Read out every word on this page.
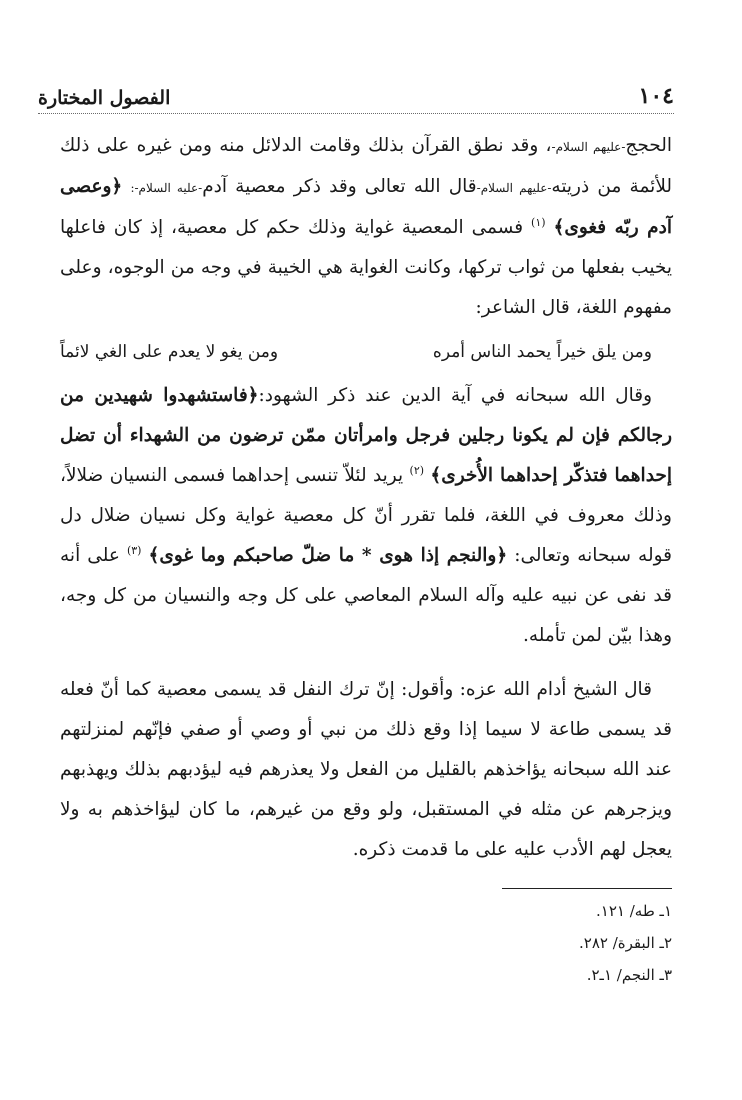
١٠٤
الفصول المختارة

الحجج-عليهم السلام-، وقد نطق القرآن بذلك وقامت الدلائل منه ومن غيره على ذلك للأئمة من ذريته-عليهم السلام-قال الله تعالى وقد ذكر معصية آدم-عليه السلام-: ﴿وعصى آدم ربّه فغوى﴾ $^{(١)}$ فسمى المعصية غواية وذلك حكم كل معصية، إذ كان فاعلها يخيب بفعلها من ثواب تركها، وكانت الغواية هي الخيبة في وجه من الوجوه، وعلى مفهوم اللغة، قال الشاعر:

ومن يلق خيراً يحمد الناس أمره
ومن يغو لا يعدم على الغي لائماً

وقال الله سبحانه في آية الدين عند ذكر الشهود:﴿فاستشهدوا شهيدين من رجالكم فإن لم يكونا رجلين فرجل وامرأتان ممّن ترضون من الشهداء أن تضل إحداهما فتذكّر إحداهما الأُخرى﴾ $^{(٢)}$ يريد لئلاّ تنسى إحداهما فسمى النسيان ضلالاً، وذلك معروف في اللغة، فلما تقرر أنّ كل معصية غواية وكل نسيان ضلال دل قوله سبحانه وتعالى: ﴿والنجم إذا هوى * ما ضلّ صاحبكم وما غوى﴾ $^{(٣)}$ على أنه قد نفى عن نبيه عليه وآله السلام المعاصي على كل وجه والنسيان من كل وجه، وهذا بيّن لمن تأمله.

قال الشيخ أدام الله عزه: وأقول: إنّ ترك النفل قد يسمى معصية كما أنّ فعله قد يسمى طاعة لا سيما إذا وقع ذلك من نبي أو وصي أو صفي فإنّهم لمنزلتهم عند الله سبحانه يؤاخذهم بالقليل من الفعل ولا يعذرهم فيه ليؤدبهم بذلك ويهذبهم ويزجرهم عن مثله في المستقبل، ولو وقع من غيرهم، ما كان ليؤاخذهم به ولا يعجل لهم الأدب عليه على ما قدمت ذكره.

١ـ طه/ ١٢١.
٢ـ البقرة/ ٢٨٢.
٣ـ النجم/ ١ـ٢.
